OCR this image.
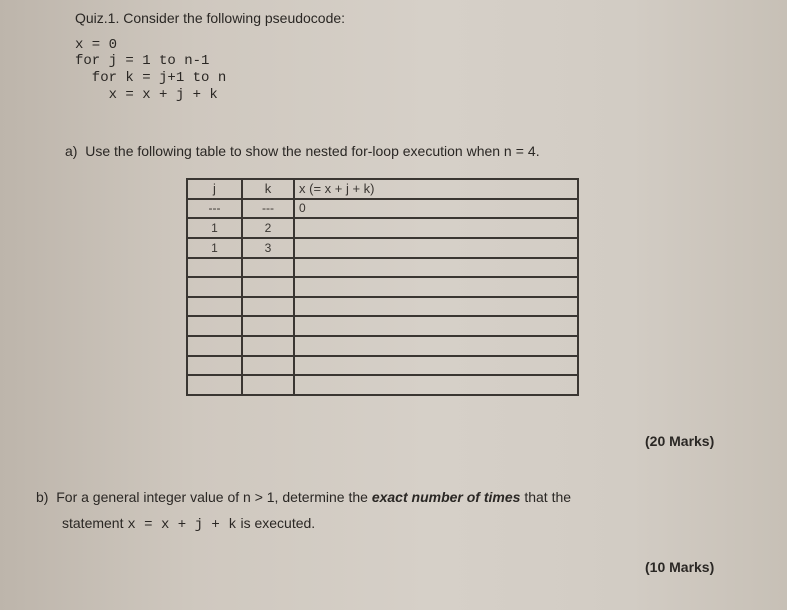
Quiz.1. Consider the following pseudocode:
x = 0
for j = 1 to n-1
for k = j+1 to n
x = x + j + k
a) Use the following table to show the nested for-loop execution when n = 4.
j	k	x (= x + j + k)
---	---	0
1	2	
1	3	

(20 Marks)
b) For a general integer value of n > 1, determine the exact number of times that the
statement x = x + j + k is executed.
(10 Marks)
